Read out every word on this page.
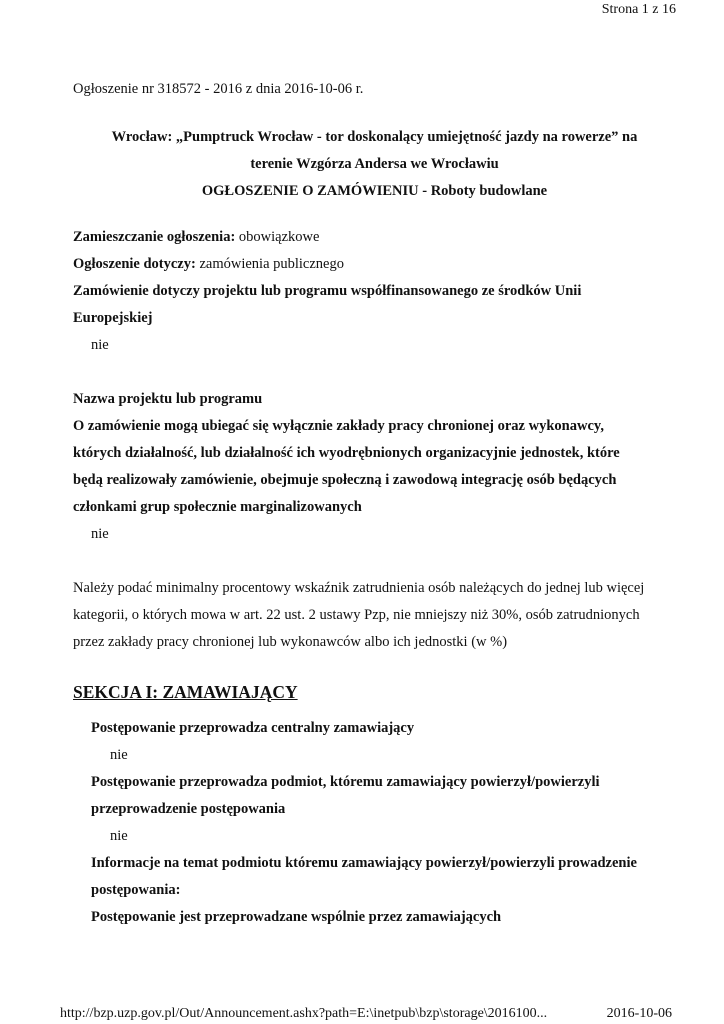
Strona 1 z 16
Ogłoszenie nr 318572 - 2016 z dnia 2016-10-06 r.
Wrocław: „Pumptruck Wrocław - tor doskonalący umiejętność jazdy na rowerze” na
terenie Wzgórza Andersa we Wrocławiu
OGŁOSZENIE O ZAMÓWIENIU - Roboty budowlane
Zamieszczanie ogłoszenia: obowiązkowe
Ogłoszenie dotyczy: zamówienia publicznego
Zamówienie dotyczy projektu lub programu współfinansowanego ze środków Unii
Europejskiej
nie
Nazwa projektu lub programu
O zamówienie mogą ubiegać się wyłącznie zakłady pracy chronionej oraz wykonawcy,
których działalność, lub działalność ich wyodrębnionych organizacyjnie jednostek, które
będą realizowały zamówienie, obejmuje społeczną i zawodową integrację osób będących
członkami grup społecznie marginalizowanych
nie
Należy podać minimalny procentowy wskaźnik zatrudnienia osób należących do jednej lub więcej
kategorii, o których mowa w art. 22 ust. 2 ustawy Pzp, nie mniejszy niż 30%, osób zatrudnionych
przez zakłady pracy chronionej lub wykonawców albo ich jednostki (w %)
SEKCJA I: ZAMAWIAJĄCY
Postępowanie przeprowadza centralny zamawiający
nie
Postępowanie przeprowadza podmiot, któremu zamawiający powierzył/powierzyli
przeprowadzenie postępowania
nie
Informacje na temat podmiotu któremu zamawiający powierzył/powierzyli prowadzenie
postępowania:
Postępowanie jest przeprowadzane wspólnie przez zamawiających
http://bzp.uzp.gov.pl/Out/Announcement.ashx?path=E:\inetpub\bzp\storage\2016100...	2016-10-06
